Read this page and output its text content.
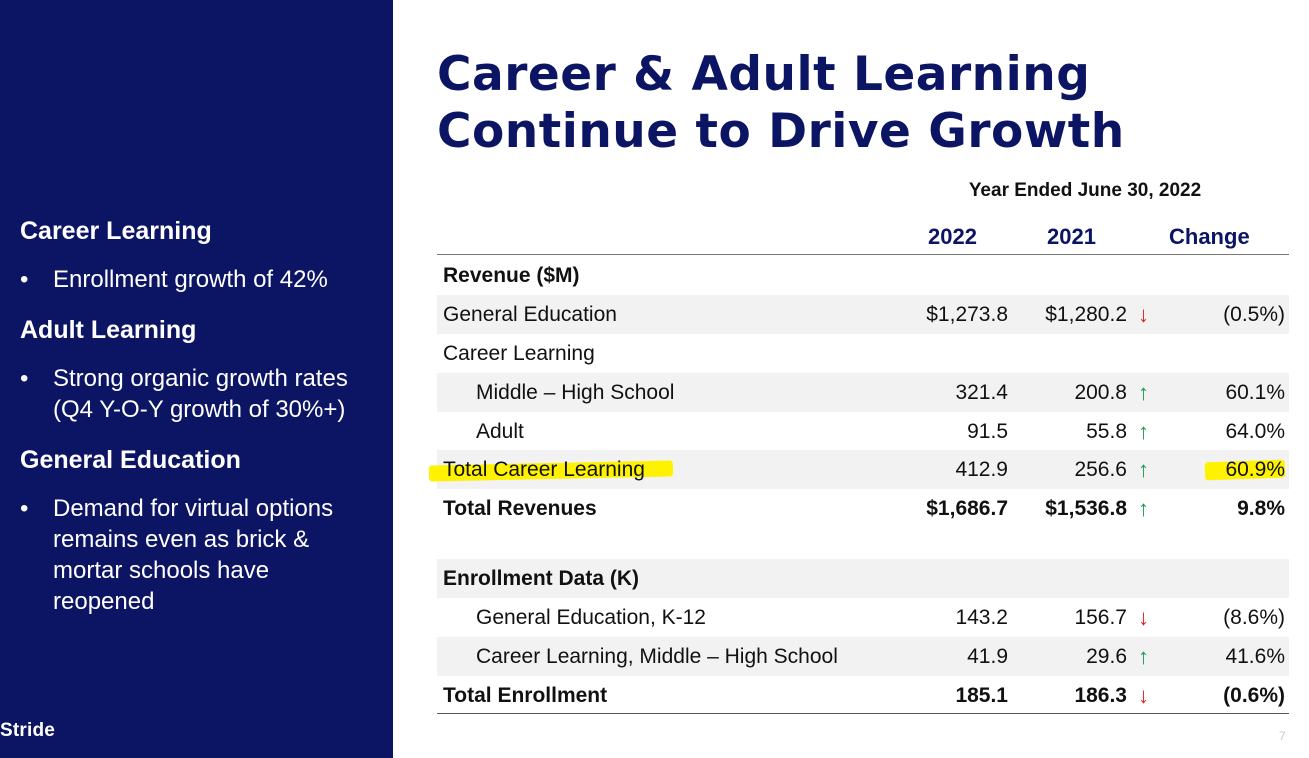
Career Learning
• Enrollment growth of 42%
Adult Learning
• Strong organic growth rates (Q4 Y-O-Y growth of 30%+)
General Education
• Demand for virtual options remains even as brick & mortar schools have reopened
Stride
Career & Adult Learning
Continue to Drive Growth
Year Ended June 30, 2022
2022	2021	Change
Revenue ($M)
General Education	$1,273.8 $1,280.2 ↓	(0.5%)
Career Learning
Middle – High School	321.4	200.8 ↑	60.1%
Adult	91.5	55.8 ↑	64.0%
Total Career Learning	412.9	256.6 ↑	60.9%
Total Revenues	$1,686.7 $1,536.8 ↑	9.8%
Enrollment Data (K)
General Education, K-12	143.2	156.7 ↓	(8.6%)
Career Learning, Middle – High School	41.9	29.6 ↑	41.6%
Total Enrollment	185.1	186.3 ↓	(0.6%)
7
